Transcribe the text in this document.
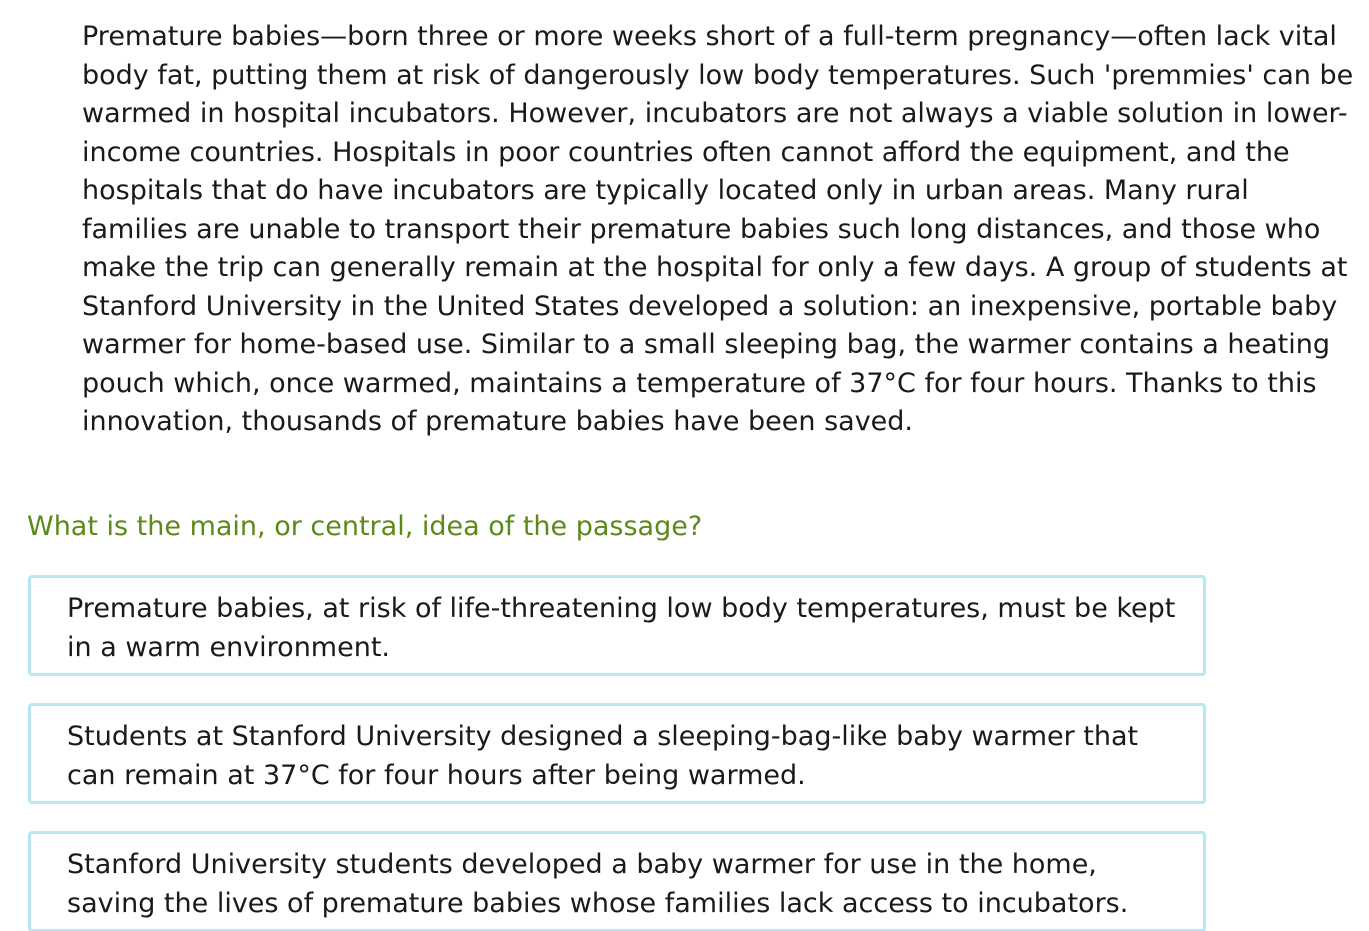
Premature babies—born three or more weeks short of a full-term pregnancy—often lack vital body fat, putting them at risk of dangerously low body temperatures. Such 'premmies' can be warmed in hospital incubators. However, incubators are not always a viable solution in lower-income countries. Hospitals in poor countries often cannot afford the equipment, and the hospitals that do have incubators are typically located only in urban areas. Many rural families are unable to transport their premature babies such long distances, and those who make the trip can generally remain at the hospital for only a few days. A group of students at Stanford University in the United States developed a solution: an inexpensive, portable baby warmer for home-based use. Similar to a small sleeping bag, the warmer contains a heating pouch which, once warmed, maintains a temperature of 37°C for four hours. Thanks to this innovation, thousands of premature babies have been saved.

What is the main, or central, idea of the passage?

Premature babies, at risk of life-threatening low body temperatures, must be kept in a warm environment.
Students at Stanford University designed a sleeping-bag-like baby warmer that can remain at 37°C for four hours after being warmed.
Stanford University students developed a baby warmer for use in the home, saving the lives of premature babies whose families lack access to incubators.
